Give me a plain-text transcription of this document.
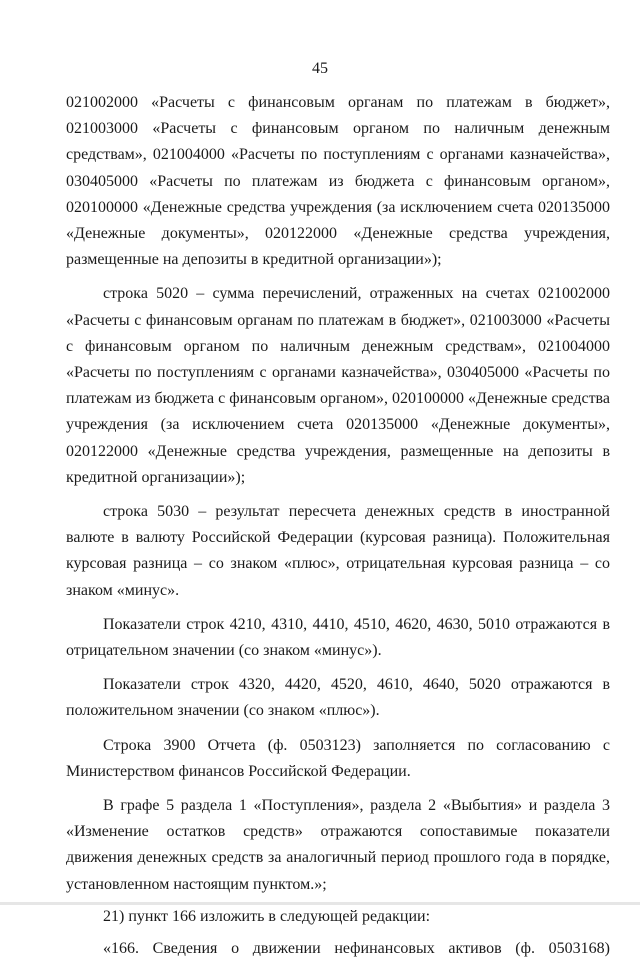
45

021002000 «Расчеты с финансовым органам по платежам в бюджет», 021003000 «Расчеты с финансовым органом по наличным денежным средствам», 021004000 «Расчеты по поступлениям с органами казначейства», 030405000 «Расчеты по платежам из бюджета с финансовым органом», 020100000 «Денежные средства учреждения (за исключением счета 020135000 «Денежные документы», 020122000 «Денежные средства учреждения, размещенные на депозиты в кредитной организации»);

строка 5020 – сумма перечислений, отраженных на счетах 021002000 «Расчеты с финансовым органам по платежам в бюджет», 021003000 «Расчеты с финансовым органом по наличным денежным средствам», 021004000 «Расчеты по поступлениям с органами казначейства», 030405000 «Расчеты по платежам из бюджета с финансовым органом», 020100000 «Денежные средства учреждения (за исключением счета 020135000 «Денежные документы», 020122000 «Денежные средства учреждения, размещенные на депозиты в кредитной организации»);

строка 5030 – результат пересчета денежных средств в иностранной валюте в валюту Российской Федерации (курсовая разница). Положительная курсовая разница – со знаком «плюс», отрицательная курсовая разница – со знаком «минус».

Показатели строк 4210, 4310, 4410, 4510, 4620, 4630, 5010 отражаются в отрицательном значении (со знаком «минус»).

Показатели строк 4320, 4420, 4520, 4610, 4640, 5020 отражаются в положительном значении (со знаком «плюс»).

Строка 3900 Отчета (ф. 0503123) заполняется по согласованию с Министерством финансов Российской Федерации.

В графе 5 раздела 1 «Поступления», раздела 2 «Выбытия» и раздела 3 «Изменение остатков средств» отражаются сопоставимые показатели движения денежных средств за аналогичный период прошлого года в порядке, установленном настоящим пунктом.»;

21) пункт 166 изложить в следующей редакции:

«166. Сведения о движении нефинансовых активов (ф. 0503168)
